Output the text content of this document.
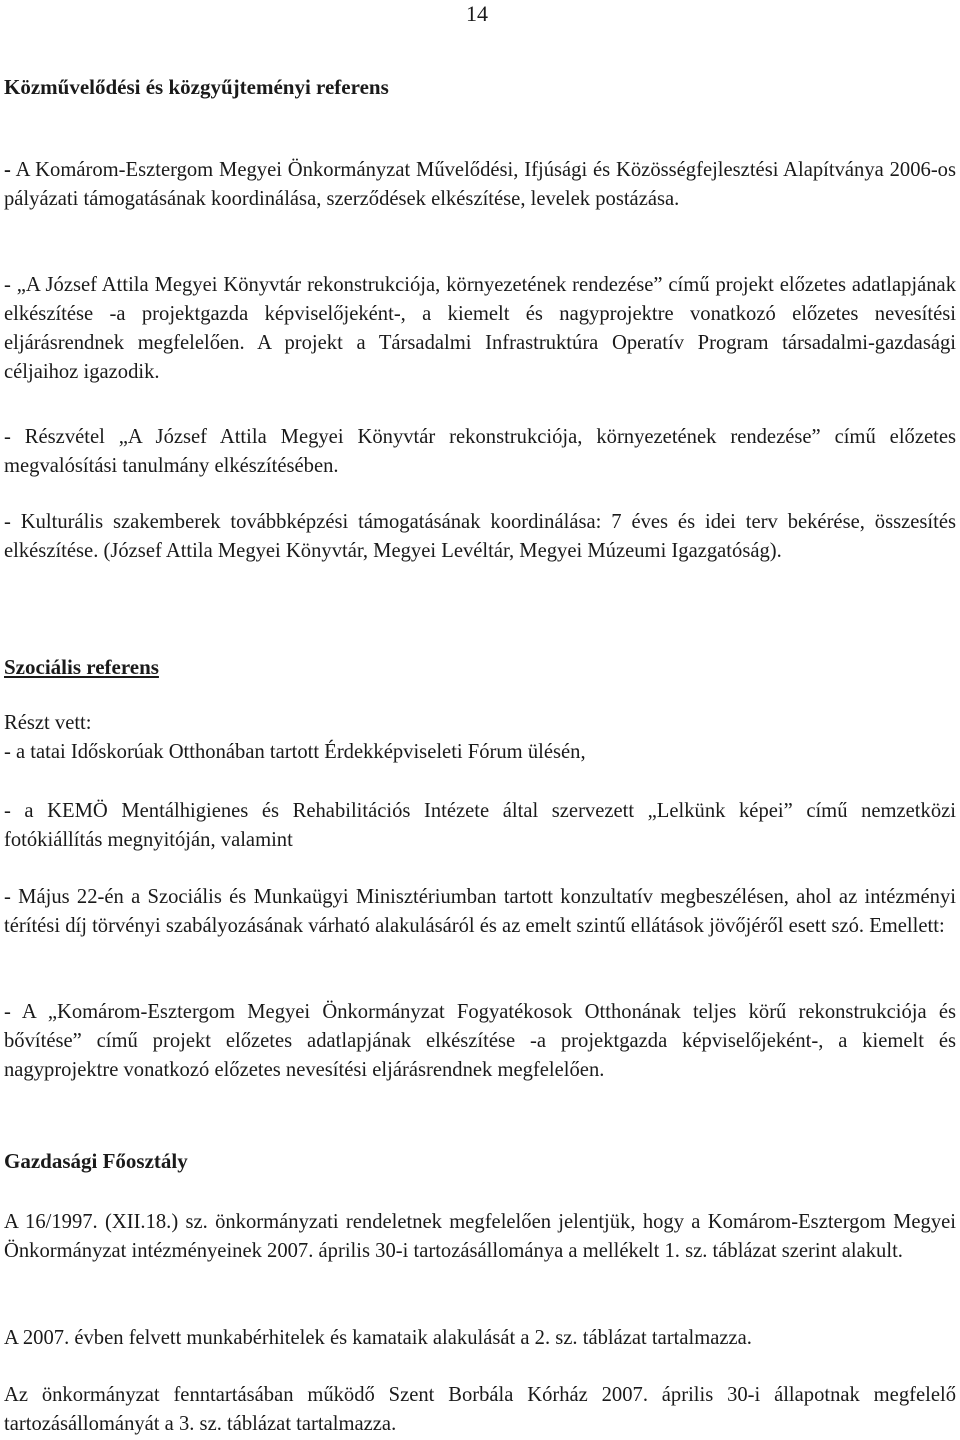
14
Közművelődési és közgyűjteményi referens

- A Komárom-Esztergom Megyei Önkormányzat Művelődési, Ifjúsági és Közösségfejlesztési Alapítványa 2006-os pályázati támogatásának koordinálása, szerződések elkészítése, levelek postázása.

- „A József Attila Megyei Könyvtár rekonstrukciója, környezetének rendezése” című projekt előzetes adatlapjának elkészítése -a projektgazda képviselőjeként-, a kiemelt és nagyprojektre vonatkozó előzetes nevesítési eljárásrendnek megfelelően. A projekt a Társadalmi Infrastruktúra Operatív Program társadalmi-gazdasági céljaihoz igazodik.

- Részvétel „A József Attila Megyei Könyvtár rekonstrukciója, környezetének rendezése” című előzetes megvalósítási tanulmány elkészítésében.

- Kulturális szakemberek továbbképzési támogatásának koordinálása: 7 éves és idei terv bekérése, összesítés elkészítése. (József Attila Megyei Könyvtár, Megyei Levéltár, Megyei Múzeumi Igazgatóság).

Szociális referens

Részt vett:
- a tatai Időskorúak Otthonában tartott Érdekképviseleti Fórum ülésén,

- a KEMÖ Mentálhigienes és Rehabilitációs Intézete által szervezett „Lelkünk képei” című nemzetközi fotókiállítás megnyitóján, valamint

- Május 22-én a Szociális és Munkaügyi Minisztériumban tartott konzultatív megbeszélésen, ahol az intézményi térítési díj törvényi szabályozásának várható alakulásáról és az emelt szintű ellátások jövőjéről esett szó. Emellett:

- A „Komárom-Esztergom Megyei Önkormányzat Fogyatékosok Otthonának teljes körű rekonstrukciója és bővítése” című projekt előzetes adatlapjának elkészítése -a projektgazda képviselőjeként-, a kiemelt és nagyprojektre vonatkozó előzetes nevesítési eljárásrendnek megfelelően.

Gazdasági Főosztály

A 16/1997. (XII.18.) sz. önkormányzati rendeletnek megfelelően jelentjük, hogy a Komárom-Esztergom Megyei Önkormányzat intézményeinek 2007. április 30-i tartozásállománya a mellékelt 1. sz. táblázat szerint alakult.

A 2007. évben felvett munkabérhitelek és kamataik alakulását a 2. sz. táblázat tartalmazza.

Az önkormányzat fenntartásában működő Szent Borbála Kórház 2007. április 30-i állapotnak megfelelő tartozásállományát a 3. sz. táblázat tartalmazza.
